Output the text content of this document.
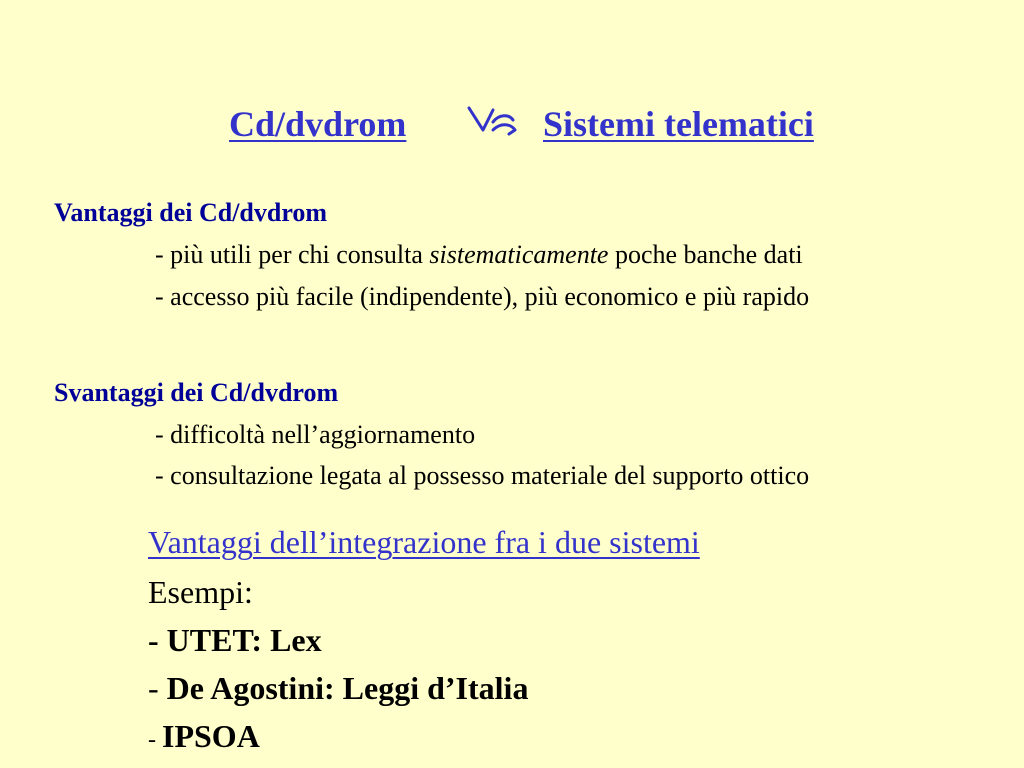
Cd/dvdrom	Sistemi telematici
Vantaggi dei Cd/dvdrom
- più utili per chi consulta sistematicamente poche banche dati
- accesso più facile (indipendente), più economico e più rapido
Svantaggi dei Cd/dvdrom
- difficoltà nell’aggiornamento
- consultazione legata al possesso materiale del supporto ottico
Vantaggi dell’integrazione fra i due sistemi
Esempi:
- UTET: Lex
- De Agostini: Leggi d’Italia
- IPSOA
